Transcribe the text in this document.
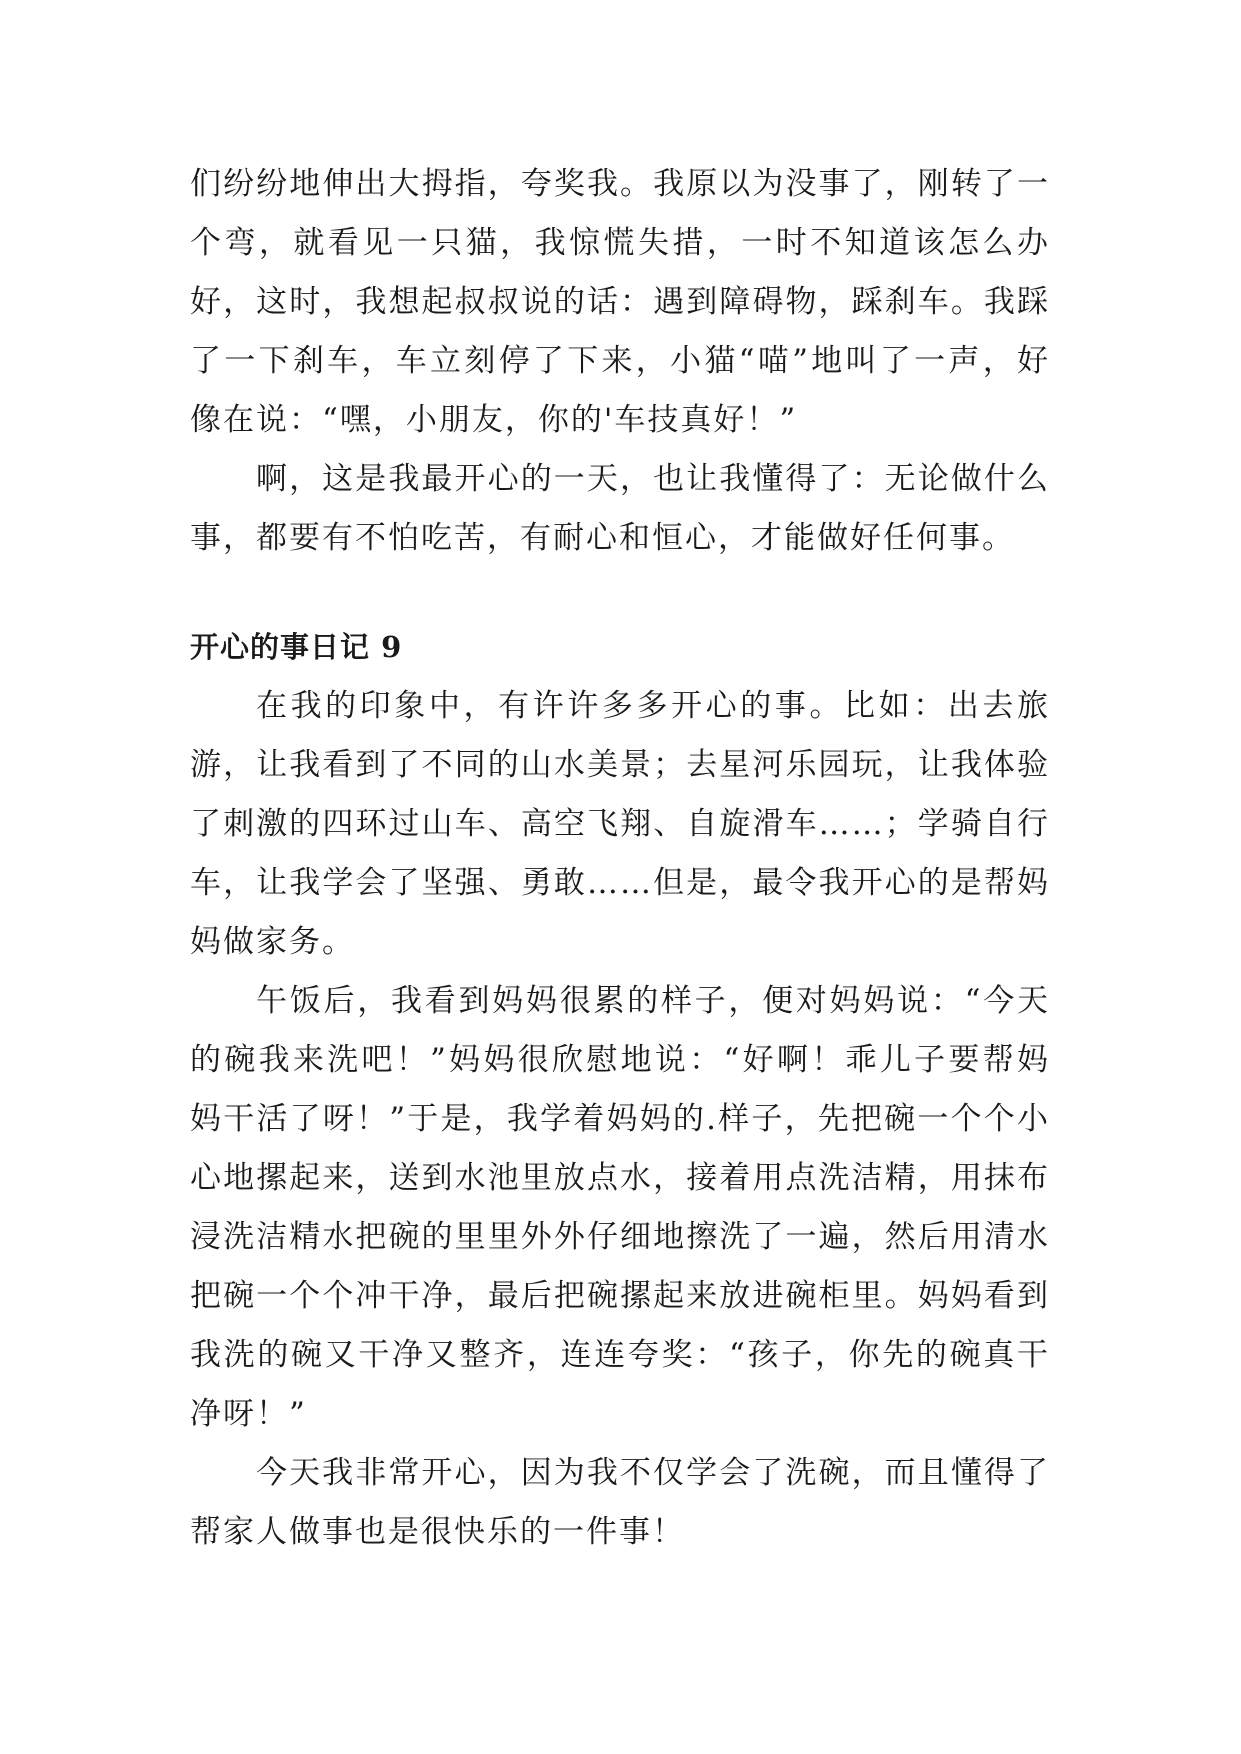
们纷纷地伸出大拇指，夸奖我。我原以为没事了，刚转了一个弯，就看见一只猫，我惊慌失措，一时不知道该怎么办好，这时，我想起叔叔说的话：遇到障碍物，踩刹车。我踩了一下刹车，车立刻停了下来，小猫“喵”地叫了一声，好像在说：“嘿，小朋友，你的'车技真好！”

啊，这是我最开心的一天，也让我懂得了：无论做什么事，都要有不怕吃苦，有耐心和恒心，才能做好任何事。

开心的事日记 9

在我的印象中，有许许多多开心的事。比如：出去旅游，让我看到了不同的山水美景；去星河乐园玩，让我体验了刺激的四环过山车、高空飞翔、自旋滑车……；学骑自行车，让我学会了坚强、勇敢……但是，最令我开心的是帮妈妈做家务。

午饭后，我看到妈妈很累的样子，便对妈妈说：“今天的碗我来洗吧！”妈妈很欣慰地说：“好啊！乖儿子要帮妈妈干活了呀！”于是，我学着妈妈的.样子，先把碗一个个小心地摞起来，送到水池里放点水，接着用点洗洁精，用抹布浸洗洁精水把碗的里里外外仔细地擦洗了一遍，然后用清水把碗一个个冲干净，最后把碗摞起来放进碗柜里。妈妈看到我洗的碗又干净又整齐，连连夸奖：“孩子，你先的碗真干净呀！”

今天我非常开心，因为我不仅学会了洗碗，而且懂得了帮家人做事也是很快乐的一件事！
